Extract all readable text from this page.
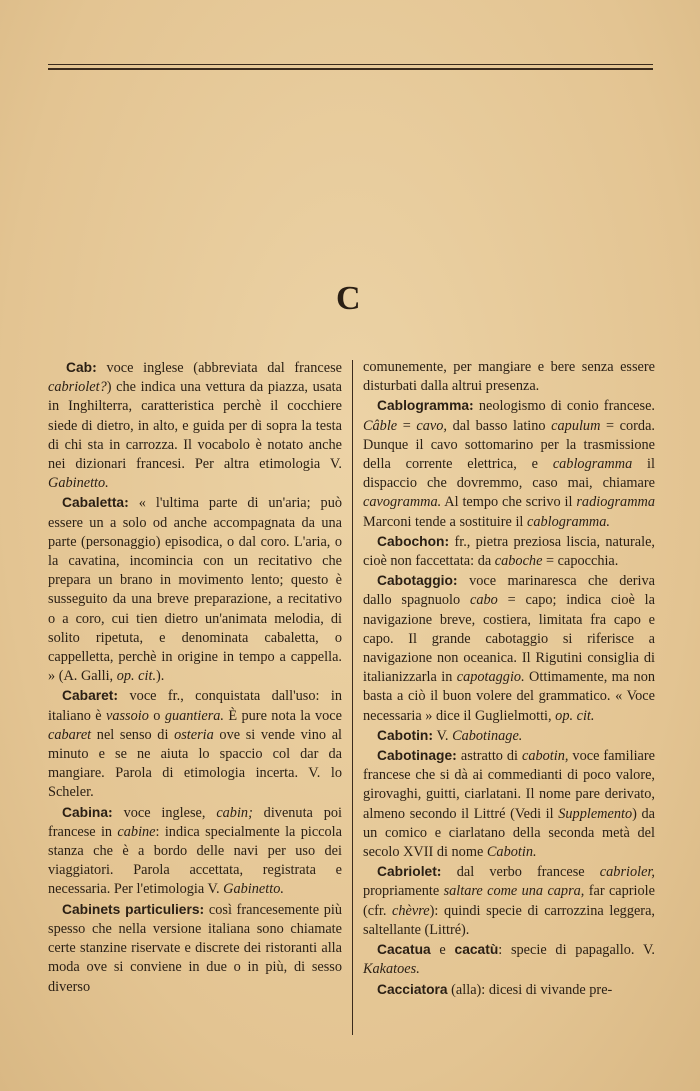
C

Cab: voce inglese (abbreviata dal francese cabriolet?) che indica una vettura da piazza, usata in Inghilterra, caratteristica perchè il cocchiere siede di dietro, in alto, e guida per di sopra la testa di chi sta in carrozza. Il vocabolo è notato anche nei dizionari francesi. Per altra etimologia V. Gabinetto.

Cabaletta: « l'ultima parte di un'aria; può essere un a solo od anche accompagnata da una parte (personaggio) episodica, o dal coro. L'aria, o la cavatina, incomincia con un recitativo che prepara un brano in movimento lento; questo è susseguito da una breve preparazione, a recitativo o a coro, cui tien dietro un'animata melodia, di solito ripetuta, e denominata cabaletta, o cappelletta, perchè in origine in tempo a cappella. » (A. Galli, op. cit.).

Cabaret: voce fr., conquistata dall'uso: in italiano è vassoio o guantiera. È pure nota la voce cabaret nel senso di osteria ove si vende vino al minuto e se ne aiuta lo spaccio col dar da mangiare. Parola di etimologia incerta. V. lo Scheler.

Cabina: voce inglese, cabin; divenuta poi francese in cabine: indica specialmente la piccola stanza che è a bordo delle navi per uso dei viaggiatori. Parola accettata, registrata e necessaria. Per l'etimologia V. Gabinetto.

Cabinets particuliers: così francesemente più spesso che nella versione italiana sono chiamate certe stanzine riservate e discrete dei ristoranti alla moda ove si conviene in due o in più, di sesso diverso

comunemente, per mangiare e bere senza essere disturbati dalla altrui presenza.

Cablogramma: neologismo di conio francese. Câble = cavo, dal basso latino capulum = corda. Dunque il cavo sottomarino per la trasmissione della corrente elettrica, e cablogramma il dispaccio che dovremmo, caso mai, chiamare cavogramma. Al tempo che scrivo il radiogramma Marconi tende a sostituire il cablogramma.

Cabochon: fr., pietra preziosa liscia, naturale, cioè non faccettata: da caboche = capocchia.

Cabotaggio: voce marinaresca che deriva dallo spagnuolo cabo = capo; indica cioè la navigazione breve, costiera, limitata fra capo e capo. Il grande cabotaggio si riferisce a navigazione non oceanica. Il Rigutini consiglia di italianizzarla in capotaggio. Ottimamente, ma non basta a ciò il buon volere del grammatico. « Voce necessaria » dice il Guglielmotti, op. cit.

Cabotin: V. Cabotinage.

Cabotinage: astratto di cabotin, voce familiare francese che si dà ai commedianti di poco valore, girovaghi, guitti, ciarlatani. Il nome pare derivato, almeno secondo il Littré (Vedi il Supplemento) da un comico e ciarlatano della seconda metà del secolo XVII di nome Cabotin.

Cabriolet: dal verbo francese cabrioler, propriamente saltare come una capra, far capriole (cfr. chèvre): quindi specie di carrozzina leggera, saltellante (Littré).

Cacatua e cacatù: specie di papagallo. V. Kakatoes.

Cacciatora (alla): dicesi di vivande pre-
